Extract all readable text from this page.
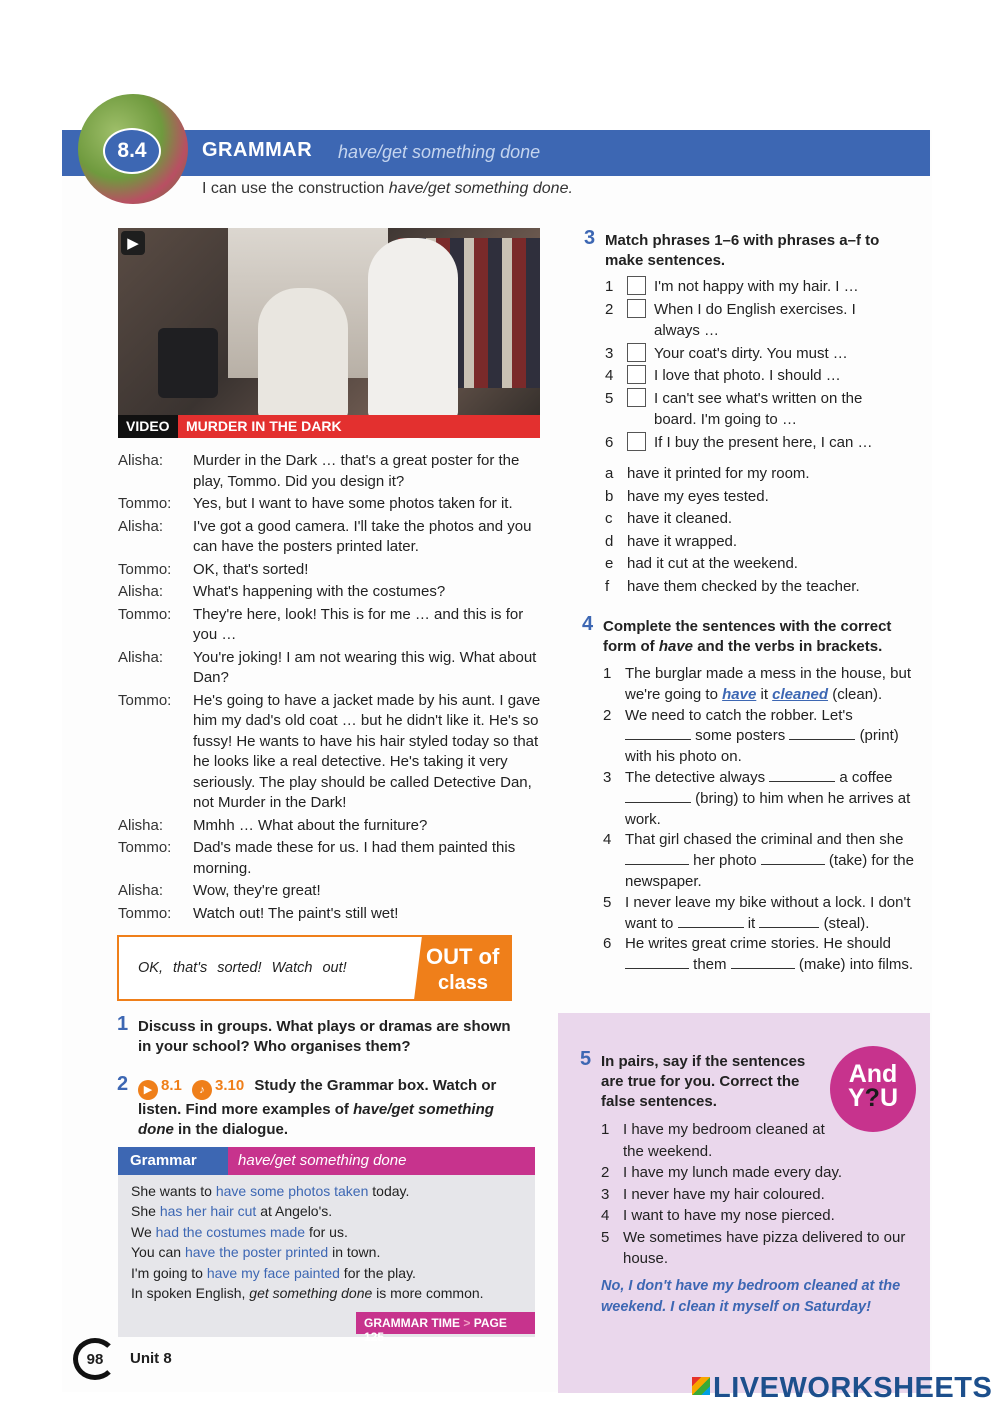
8.4	GRAMMAR have/get something done
I can use the construction have/get something done.
▶
VIDEO	MURDER IN THE DARK
Alisha:	Murder in the Dark … that's a great poster for the play, Tommo. Did you design it?
Tommo:	Yes, but I want to have some photos taken for it.
Alisha:	I've got a good camera. I'll take the photos and you can have the posters printed later.
Tommo:	OK, that's sorted!
Alisha:	What's happening with the costumes?
Tommo:	They're here, look! This is for me … and this is for you …
Alisha:	You're joking! I am not wearing this wig. What about Dan?
Tommo:	He's going to have a jacket made by his aunt. I gave him my dad's old coat … but he didn't like it. He's so fussy! He wants to have his hair styled today so that he looks like a real detective. He's taking it very seriously. The play should be called Detective Dan, not Murder in the Dark!
Alisha:	Mmhh … What about the furniture?
Tommo:	Dad's made these for us. I had them painted this morning.
Alisha:	Wow, they're great!
Tommo:	Watch out! The paint's still wet!
OK, that's sorted! Watch out!	OUT of
class
1 Discuss in groups. What plays or dramas are shown in your school? Who organises them?
2	▶ 8.1 ♪ 3.10 Study the Grammar box. Watch or listen. Find more examples of have/get something done in the dialogue.
Grammar	have/get something done
She wants to have some photos taken today.
She has her hair cut at Angelo's.
We had the costumes made for us.
You can have the poster printed in town.
I'm going to have my face painted for the play.
In spoken English, get something done is more common.
GRAMMAR TIME > PAGE 125
98	Unit 8
3 Match phrases 1–6 with phrases a–f to make sentences.
1	I'm not happy with my hair. I …
2	When I do English exercises. I always …
3	Your coat's dirty. You must …
4	I love that photo. I should …
5	I can't see what's written on the board. I'm going to …
6	If I buy the present here, I can …
a have it printed for my room.
b have my eyes tested.
c have it cleaned.
d have it wrapped.
e had it cut at the weekend.
f	have them checked by the teacher.
4 Complete the sentences with the correct form of have and the verbs in brackets.
1 The burglar made a mess in the house, but we're going to have it cleaned (clean).
2 We need to catch the robber. Let's
some posters	(print) with his photo on.
3 The detective always	a coffee
(bring) to him when he arrives at work.
4 That girl chased the criminal and then she  her photo	(take) for the newspaper.
5 I never leave my bike without a lock. I don't want to	it	(steal).
6 He writes great crime stories. He should
them	(make) into films.
And
Y?U
5 In pairs, say if the sentences are true for you. Correct the false sentences.
1 I have my bedroom cleaned at the weekend.
2 I have my lunch made every day.
3 I never have my hair coloured.
4 I want to have my nose pierced.
5 We sometimes have pizza delivered to our house.
No, I don't have my bedroom cleaned at the weekend. I clean it myself on Saturday!
LIVEWORKSHEETS
